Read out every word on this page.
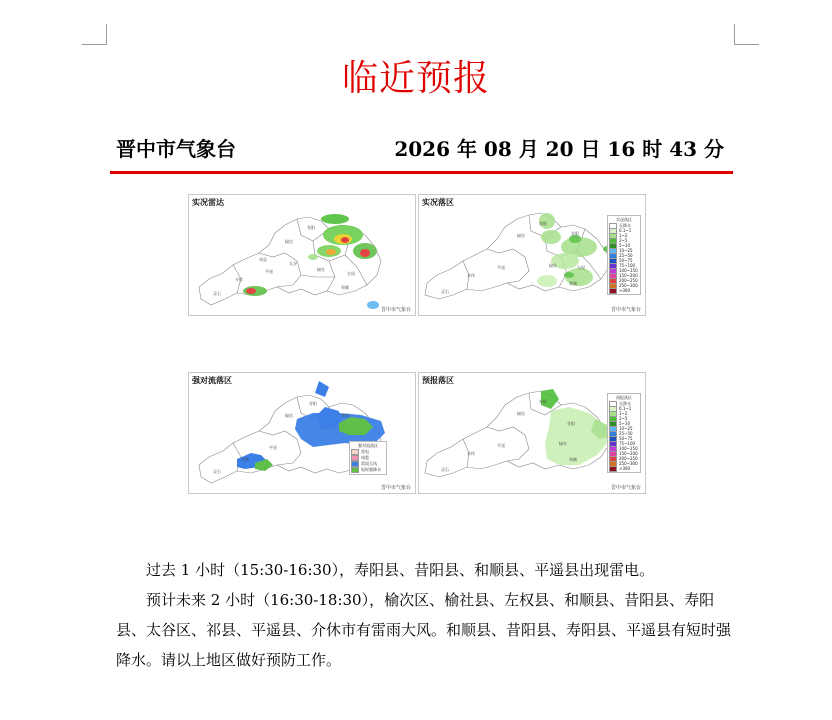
临近预报
晋中市气象台	2026 年 08 月 20 日 16 时 43 分
灵石
介休
平遥
榆次
寿阳
榆社
左权
和顺
太谷
祁县
实况雷达
晋中市气象台
灵石
介休
平遥
榆次
寿阳
昔阳
榆社	左权
和顺
实况落区
实况落区
无降水
0.1~1
1~2
2~5
5~10
10~25
25~50
50~75
75~100
100~150
150~200
200~250
250~300
>300
晋中市气象台
灵石
介休
平遥
榆次
寿阳
昔阳
强对流落区
强对流落区
雷电
冰雹
雷雨大风
短时强降水
晋中市气象台
灵石
介休
平遥
榆次
寿阳
昔阳
榆社
和顺
预报落区
预报落区
无降水
0.1~1
1~2
2~5
5~10
10~25
25~50
50~75
75~100
100~150
150~200
200~250
250~300
>300
晋中市气象台

过去 1 小时（15:30-16:30），寿阳县、昔阳县、和顺县、平遥县出现雷电。

预计未来 2 小时（16:30-18:30），榆次区、榆社县、左权县、和顺县、昔阳县、寿阳县、太谷区、祁县、平遥县、介休市有雷雨大风。和顺县、昔阳县、寿阳县、平遥县有短时强降水。请以上地区做好预防工作。
